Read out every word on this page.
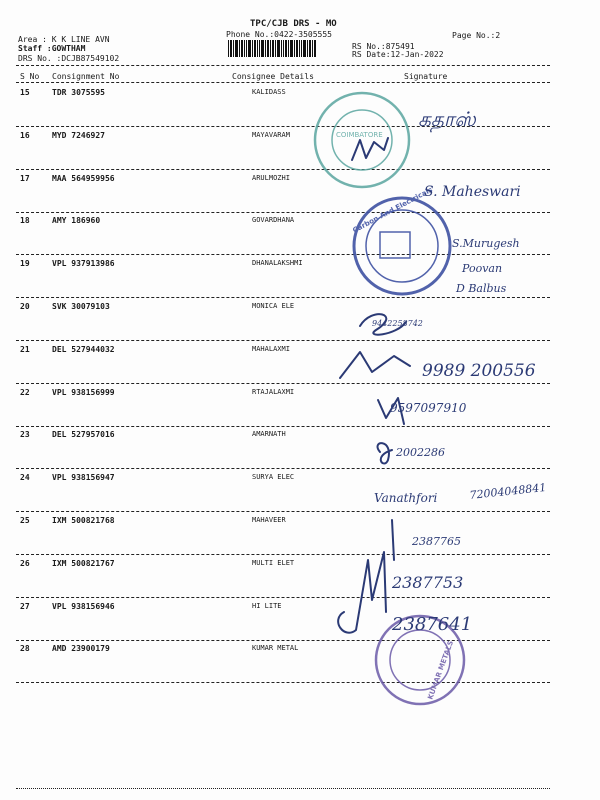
TPC/CJB DRS - MO
Phone No.:0422-3505555	Page No.:2
Area : K K LINE AVN
Staff :GOWTHAM
DRS No. :DCJB87549102
RS No.:875491
RS Date:12-Jan-2022
S No Consignment No	Consignee Details	Signature
15	TDR 3075595	KALIDASS
16	MYD 7246927	MAYAVARAM
17	MAA 564959956	ARULMOZHI
18	AMY 186960	GOVARDHANA
19	VPL 937913986	DHANALAKSHMI
20	SVK 30079103	MONICA ELE
21	DEL 527944032	MAHALAXMI
22	VPL 938156999	RTAJALAXMI
23	DEL 527957016	AMARNATH
24	VPL 938156947	SURYA ELEC
25	IXM 500821768	MAHAVEER
26	IXM 500821767	MULTI ELET
27	VPL 938156946	HI LITE
28	AMD 23900179	KUMAR METAL
COIMBATORE
Carbon And Electricals
KUMAR METALS
கதாஸ்
S. Maheswari
S.Murugesh
Poovan
D Balbus
9442258742
9989 200556
9597097910
2002286
Vanathfori	72004048841
2387765
2387753
2387641
